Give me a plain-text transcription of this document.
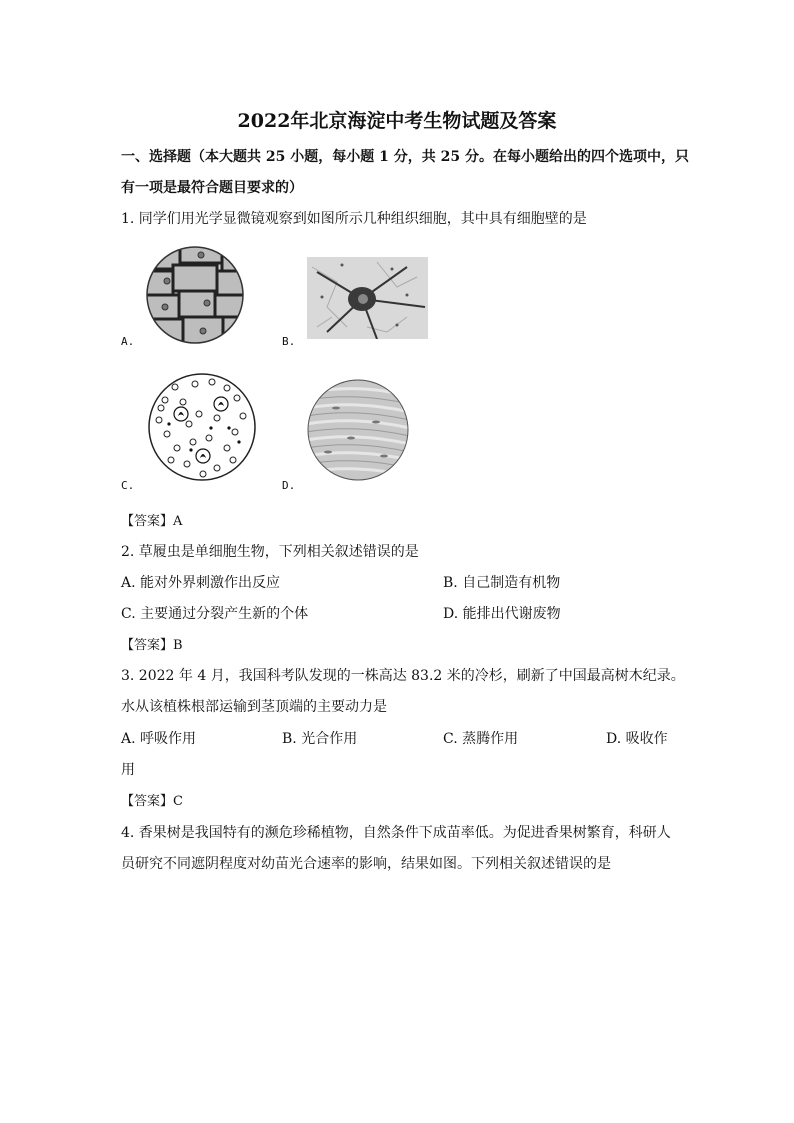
2022年北京海淀中考生物试题及答案
一、选择题（本大题共 25 小题，每小题 1 分，共 25 分。在每小题给出的四个选项中，只
有一项是最符合题目要求的）
1. 同学们用光学显微镜观察到如图所示几种组织细胞，其中具有细胞壁的是
A.	B.
C.	D.
【答案】A
2. 草履虫是单细胞生物，下列相关叙述错误的是
A. 能对外界刺激作出反应	B. 自己制造有机物
C. 主要通过分裂产生新的个体	D. 能排出代谢废物
【答案】B
3. 2022 年 4 月，我国科考队发现的一株高达 83.2 米的冷杉，刷新了中国最高树木纪录。
水从该植株根部运输到茎顶端的主要动力是
A. 呼吸作用	B. 光合作用	C. 蒸腾作用	D. 吸收作
用
【答案】C
4. 香果树是我国特有的濒危珍稀植物，自然条件下成苗率低。为促进香果树繁育，科研人
员研究不同遮阴程度对幼苗光合速率的影响，结果如图。下列相关叙述错误的是
